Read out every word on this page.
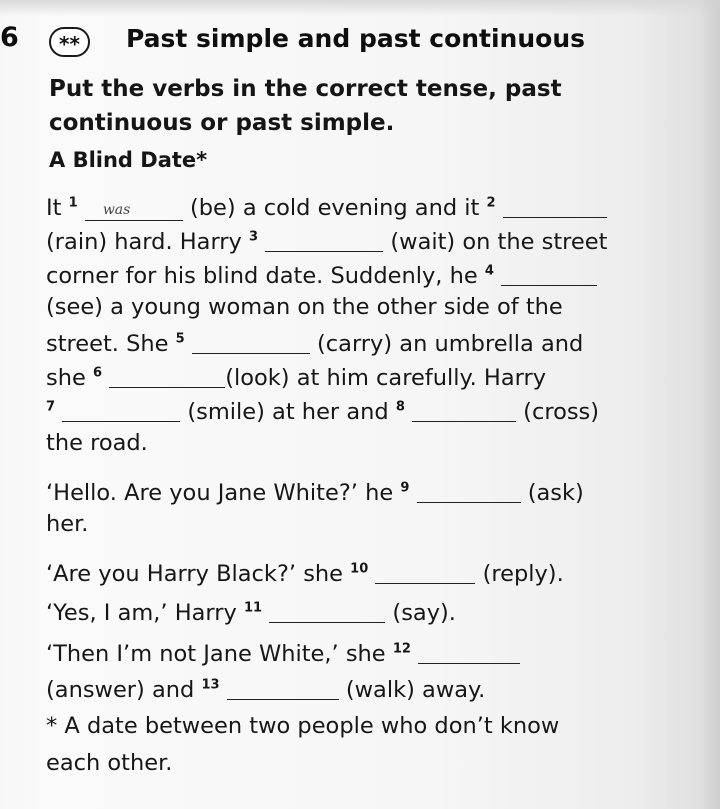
6	**	Past simple and past continuous
Put the verbs in the correct tense, past continuous or past simple.
A Blind Date*
It $^1$ was (be) a cold evening and it $^2$
(rain) hard. Harry $^3$	(wait) on the street
corner for his blind date. Suddenly, he $^4$
(see) a young woman on the other side of the
street. She $^5$	(carry) an umbrella and
she $^6$	(look) at him carefully. Harry
$^7$	(smile) at her and $^8$	(cross)
the road.
‘Hello. Are you Jane White?’ he $^9$	(ask)
her.
‘Are you Harry Black?’ she $^{10}$	(reply).
‘Yes, I am,’ Harry $^{11}$	(say).
‘Then I’m not Jane White,’ she $^{12}$
(answer) and $^{13}$	(walk) away.
* A date between two people who don’t know
each other.
